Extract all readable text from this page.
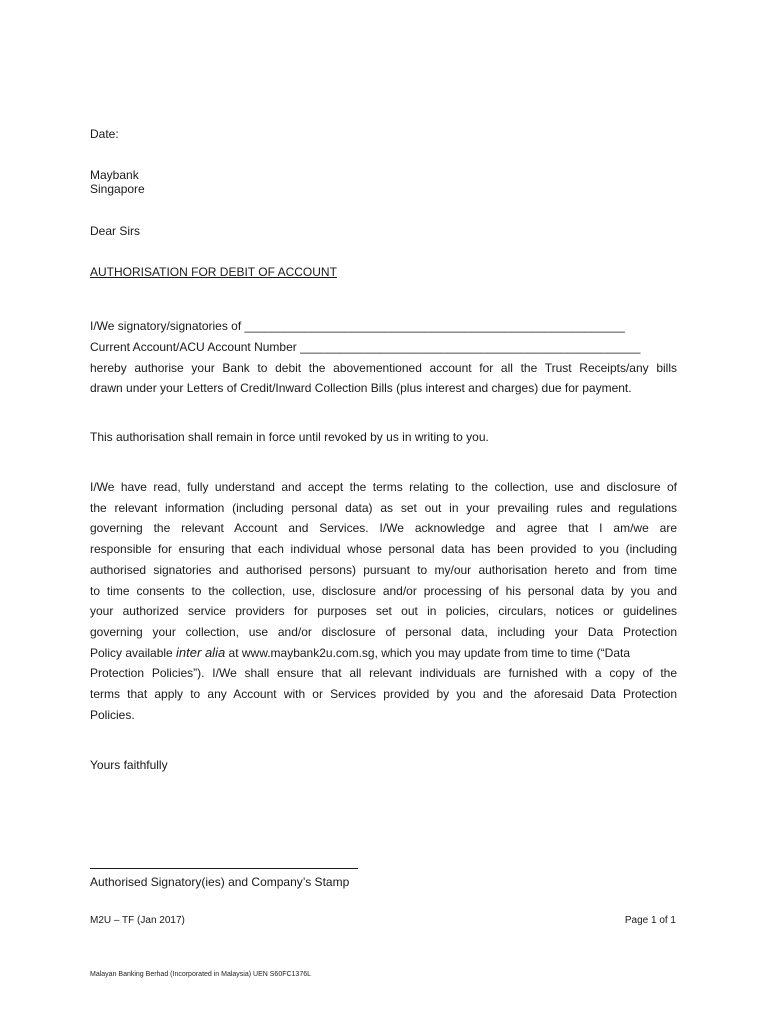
Date:
Maybank
Singapore
Dear Sirs
AUTHORISATION FOR DEBIT OF ACCOUNT
I/We signatory/signatories of _________________________________________________________
Current Account/ACU Account Number ___________________________________________________
hereby authorise your Bank to debit the abovementioned account for all the Trust Receipts/any bills
drawn under your Letters of Credit/Inward Collection Bills (plus interest and charges) due for payment.
This authorisation shall remain in force until revoked by us in writing to you.
I/We have read, fully understand and accept the terms relating to the collection, use and disclosure of
the relevant information (including personal data) as set out in your prevailing rules and regulations
governing the relevant Account and Services. I/We acknowledge and agree that I am/we are
responsible for ensuring that each individual whose personal data has been provided to you (including
authorised signatories and authorised persons) pursuant to my/our authorisation hereto and from time
to time consents to the collection, use, disclosure and/or processing of his personal data by you and
your authorized service providers for purposes set out in policies, circulars, notices or guidelines
governing your collection, use and/or disclosure of personal data, including your Data Protection
Policy available inter alia at www.maybank2u.com.sg, which you may update from time to time (“Data
Protection Policies”). I/We shall ensure that all relevant individuals are furnished with a copy of the
terms that apply to any Account with or Services provided by you and the aforesaid Data Protection
Policies.
Yours faithfully
Authorised Signatory(ies) and Company’s Stamp
M2U – TF (Jan 2017)	Page 1 of 1
Malayan Banking Berhad (Incorporated in Malaysia) UEN S60FC1376L
